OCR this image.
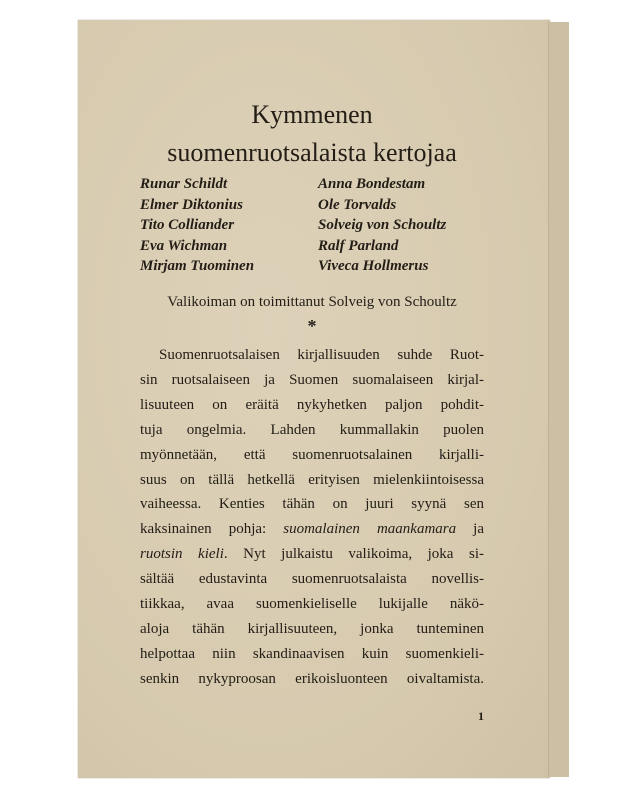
Kymmenen
suomenruotsalaista kertojaa
Runar Schildt	Anna Bondestam
Elmer Diktonius	Ole Torvalds
Tito Colliander	Solveig von Schoultz
Eva Wichman	Ralf Parland
Mirjam Tuominen	Viveca Hollmerus
Valikoiman on toimittanut Solveig von Schoultz
*
Suomenruotsalaisen kirjallisuuden suhde Ruot-
sin ruotsalaiseen ja Suomen suomalaiseen kirjal-
lisuuteen on eräitä nykyhetken paljon pohdit-
tuja ongelmia. Lahden kummallakin puolen
myönnetään, että suomenruotsalainen kirjalli-
suus on tällä hetkellä erityisen mielenkiintoisessa
vaiheessa. Kenties tähän on juuri syynä sen
kaksinainen pohja: suomalainen maankamara ja
ruotsin kieli. Nyt julkaistu valikoima, joka si-
sältää edustavinta suomenruotsalaista novellis-
tiikkaa, avaa suomenkieliselle lukijalle näkö-
aloja tähän kirjallisuuteen, jonka tunteminen
helpottaa niin skandinaavisen kuin suomenkieli-
senkin nykyproosan erikoisluonteen oivaltamista.
1
